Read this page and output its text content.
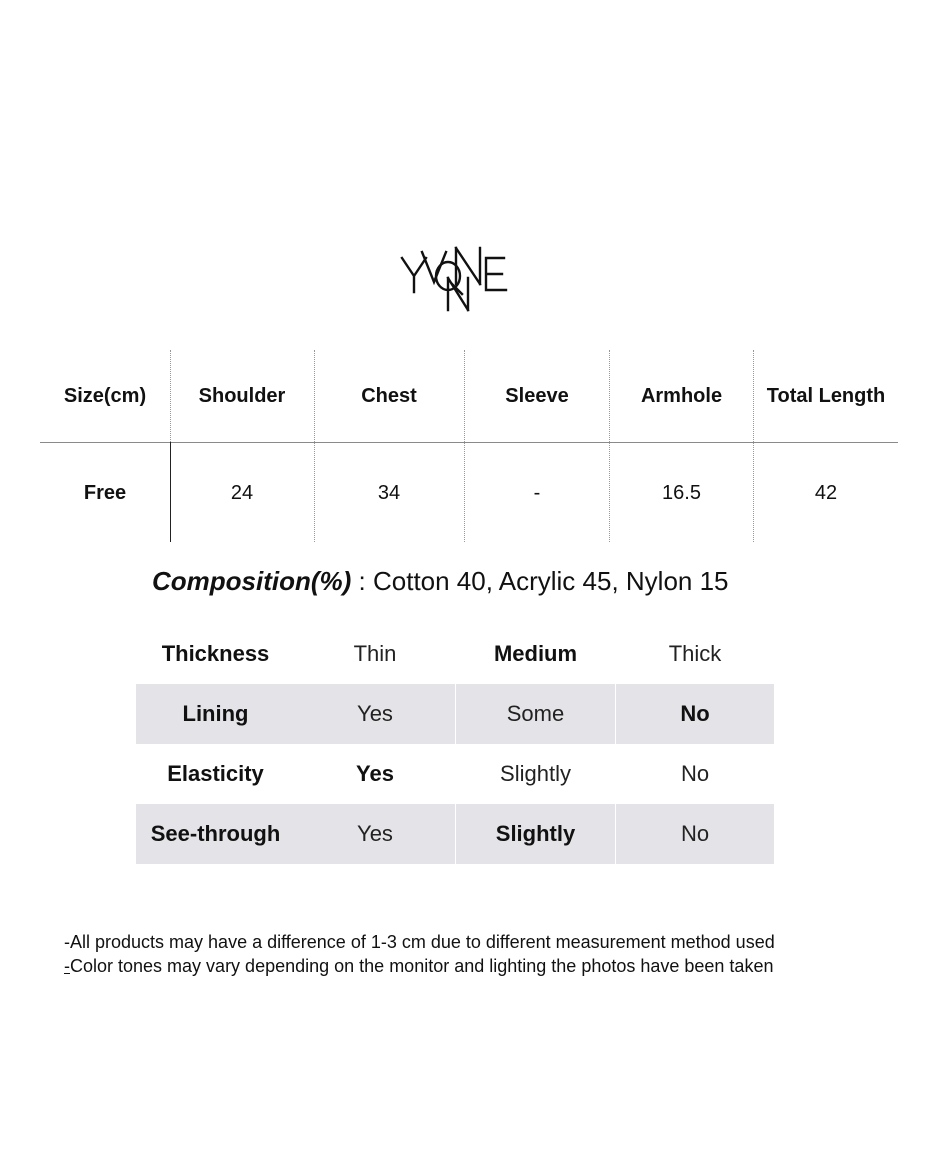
Size(cm)	Shoulder	Chest	Sleeve	Armhole	Total Length
Free	24	34	-	16.5	42
Composition(%) : Cotton 40, Acrylic 45, Nylon 15
Thickness	Thin	Medium	Thick
Lining	Yes	Some	No
Elasticity	Yes	Slightly	No
See-through	Yes	Slightly	No
-All products may have a difference of 1-3 cm due to different measurement method used
-Color tones may vary depending on the monitor and lighting the photos have been taken
